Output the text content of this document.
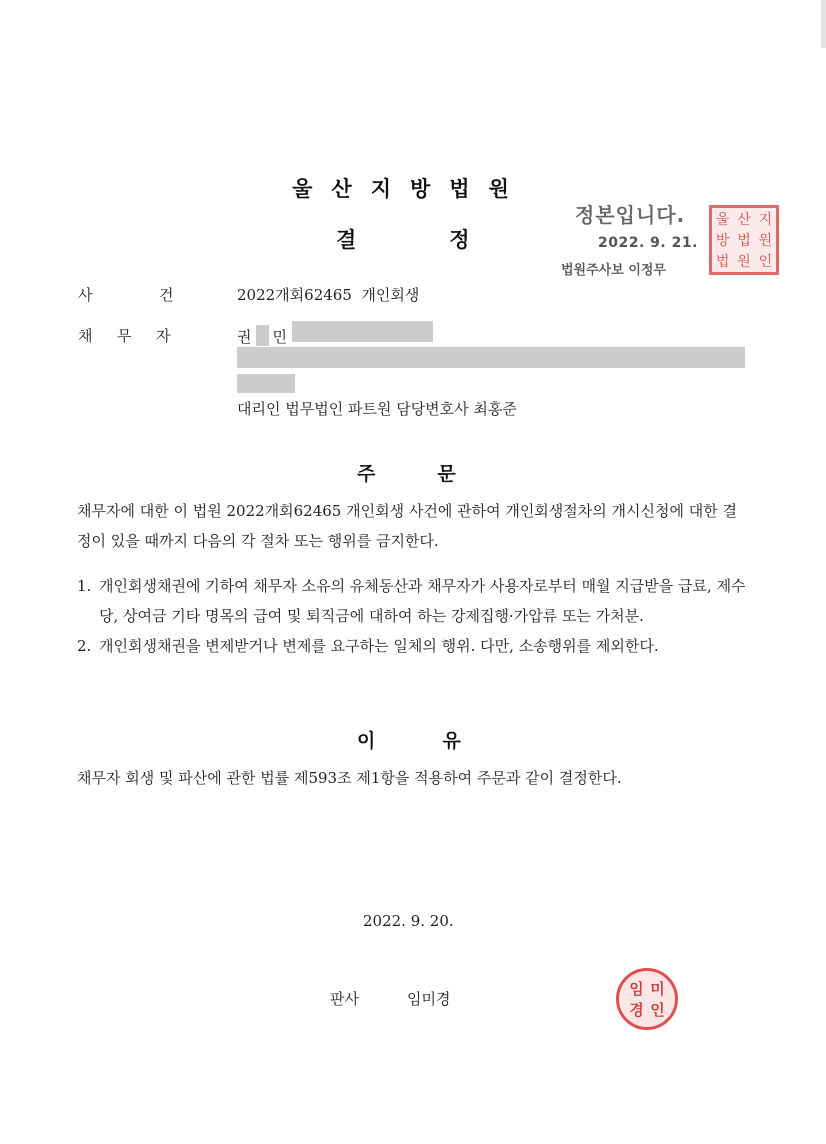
울산지방법원
결	정
정본입니다.
2022. 9. 21.
법원주사보 이정무
울 산 지
방 법 원
법 원 인
사	건	2022개회62465  개인회생
채 무 자	권 민
대리인 법무법인 파트원 담당변호사 최홍준
주	문
채무자에 대한 이 법원 2022개회62465 개인회생 사건에 관하여 개인회생절차의 개시신청에 대한 결정이 있을 때까지 다음의 각 절차 또는 행위를 금지한다.
1. 개인회생채권에 기하여 채무자 소유의 유체동산과 채무자가 사용자로부터 매월 지급받을 급료, 제수당, 상여금 기타 명목의 급여 및 퇴직금에 대하여 하는 강제집행·가압류 또는 가처분.
2. 개인회생채권을 변제받거나 변제를 요구하는 일체의 행위. 다만, 소송행위를 제외한다.
이	유
채무자 회생 및 파산에 관한 법률 제593조 제1항을 적용하여 주문과 같이 결정한다.
2022. 9. 20.
판사	임미경
임 미
경 인
